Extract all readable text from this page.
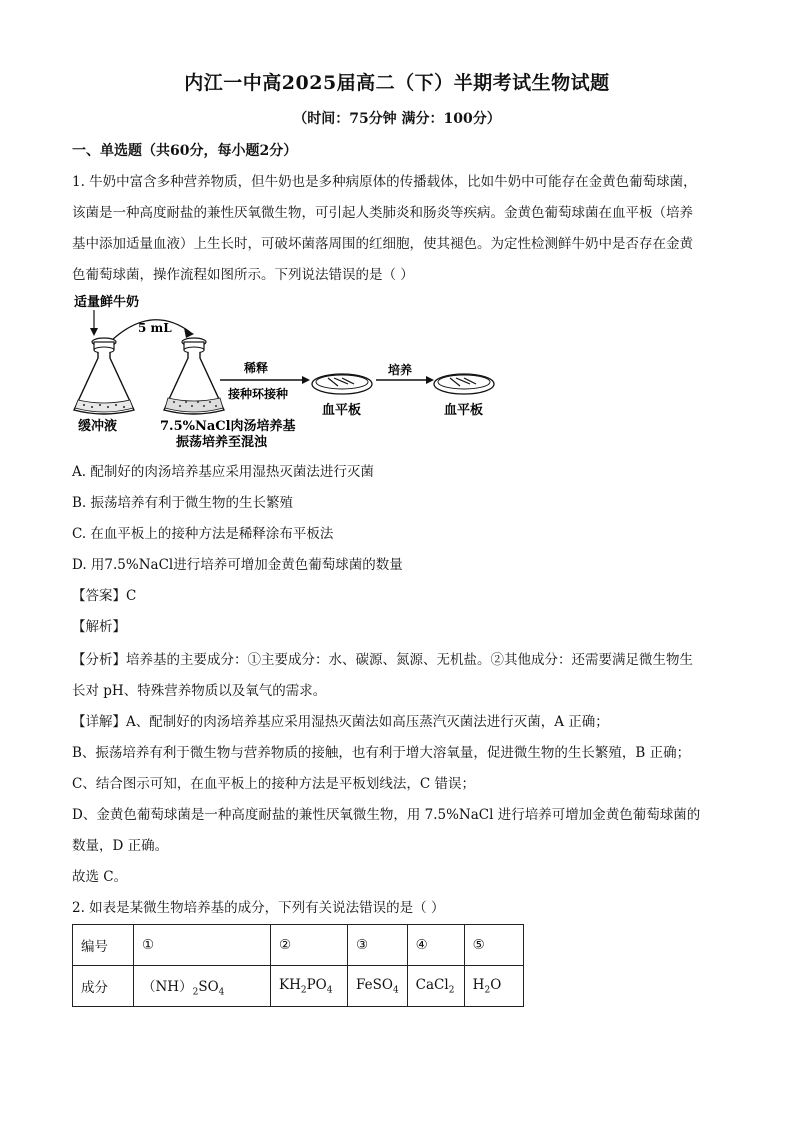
内江一中高2025届高二（下）半期考试生物试题
（时间：75分钟 满分：100分）
一、单选题（共60分，每小题2分）
1. 牛奶中富含多种营养物质，但牛奶也是多种病原体的传播载体，比如牛奶中可能存在金黄色葡萄球菌，
该菌是一种高度耐盐的兼性厌氧微生物，可引起人类肺炎和肠炎等疾病。金黄色葡萄球菌在血平板（培养
基中添加适量血液）上生长时，可破坏菌落周围的红细胞，使其褪色。为定性检测鲜牛奶中是否存在金黄
色葡萄球菌，操作流程如图所示。下列说法错误的是（ ）
适量鲜牛奶
5 mL
稀释
接种环接种
血平板
培养
血平板
缓冲液	7.5%NaCl肉汤培养基
振荡培养至混浊
A. 配制好的肉汤培养基应采用湿热灭菌法进行灭菌
B. 振荡培养有利于微生物的生长繁殖
C. 在血平板上的接种方法是稀释涂布平板法
D. 用7.5%NaCl进行培养可增加金黄色葡萄球菌的数量
【答案】C
【解析】
【分析】培养基的主要成分：①主要成分：水、碳源、氮源、无机盐。②其他成分：还需要满足微生物生
长对 pH、特殊营养物质以及氧气的需求。
【详解】A、配制好的肉汤培养基应采用湿热灭菌法如高压蒸汽灭菌法进行灭菌，A 正确；
B、振荡培养有利于微生物与营养物质的接触，也有利于增大溶氧量，促进微生物的生长繁殖，B 正确；
C、结合图示可知，在血平板上的接种方法是平板划线法，C 错误；
D、金黄色葡萄球菌是一种高度耐盐的兼性厌氧微生物，用 7.5%NaCl 进行培养可增加金黄色葡萄球菌的
数量，D 正确。
故选 C。
2. 如表是某微生物培养基的成分，下列有关说法错误的是（ ）
编号	①	②	③	④	⑤
成分	$(NH)_2SO_4$	$KH_2PO_4$	FeSO$_4$	CaCl$_2$	$H_2O$
